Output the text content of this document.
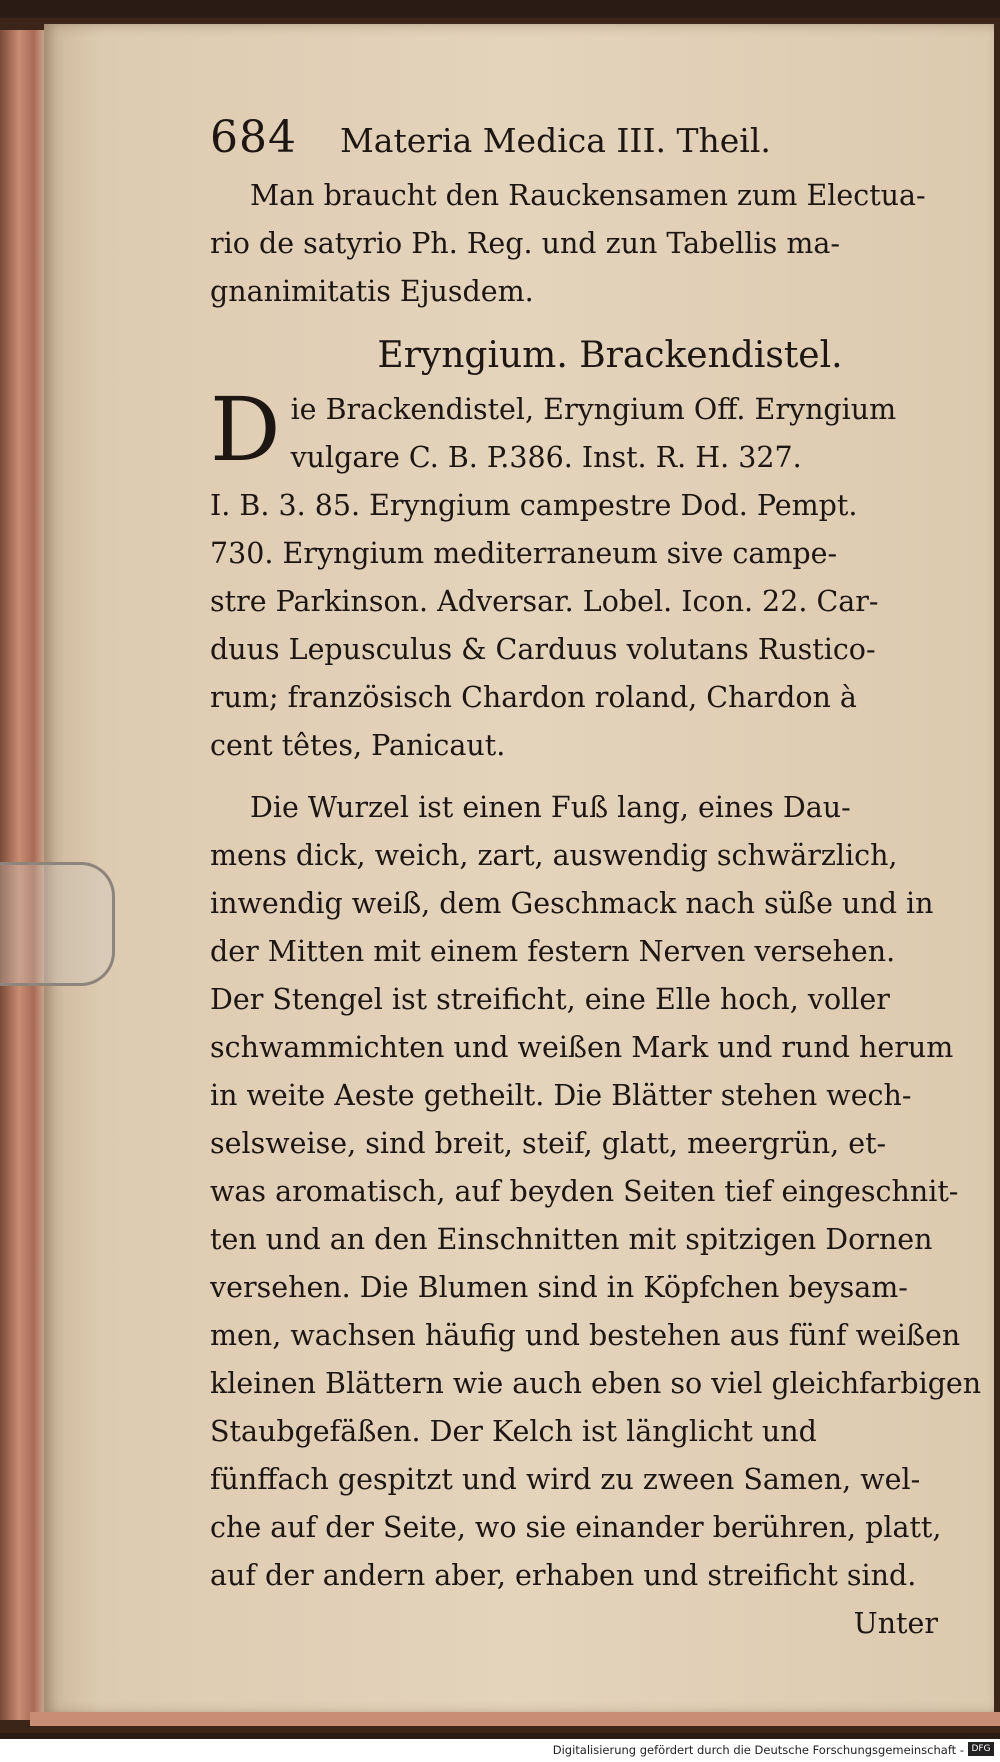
684	Materia Medica III. Theil.

Man braucht den Rauckensamen zum Electua-

rio de satyrio Ph. Reg. und zun Tabellis ma-

gnanimitatis Ejusdem.

Eryngium. Brackendistel.
D ie Brackendistel, Eryngium Off. Eryngium

vulgare C. B. P.386. Inst. R. H. 327.

I. B. 3. 85. Eryngium campestre Dod. Pempt.

730. Eryngium mediterraneum sive campe-

stre Parkinson. Adversar. Lobel. Icon. 22. Car-

duus Lepusculus & Carduus volutans Rustico-

rum; französisch Chardon roland, Chardon à

cent têtes, Panicaut.

Die Wurzel ist einen Fuß lang, eines Dau-

mens dick, weich, zart, auswendig schwärzlich,

inwendig weiß, dem Geschmack nach süße und in

der Mitten mit einem festern Nerven versehen.

Der Stengel ist streificht, eine Elle hoch, voller

schwammichten und weißen Mark und rund herum

in weite Aeste getheilt. Die Blätter stehen wech-

selsweise, sind breit, steif, glatt, meergrün, et-

was aromatisch, auf beyden Seiten tief eingeschnit-

ten und an den Einschnitten mit spitzigen Dornen

versehen. Die Blumen sind in Köpfchen beysam-

men, wachsen häufig und bestehen aus fünf weißen

kleinen Blättern wie auch eben so viel gleichfarbigen

Staubgefäßen. Der Kelch ist länglicht und

fünffach gespitzt und wird zu zween Samen, wel-

che auf der Seite, wo sie einander berühren, platt,

auf der andern aber, erhaben und streificht sind.

Unter

Digitalisierung gefördert durch die Deutsche Forschungsgemeinschaft - DFG
